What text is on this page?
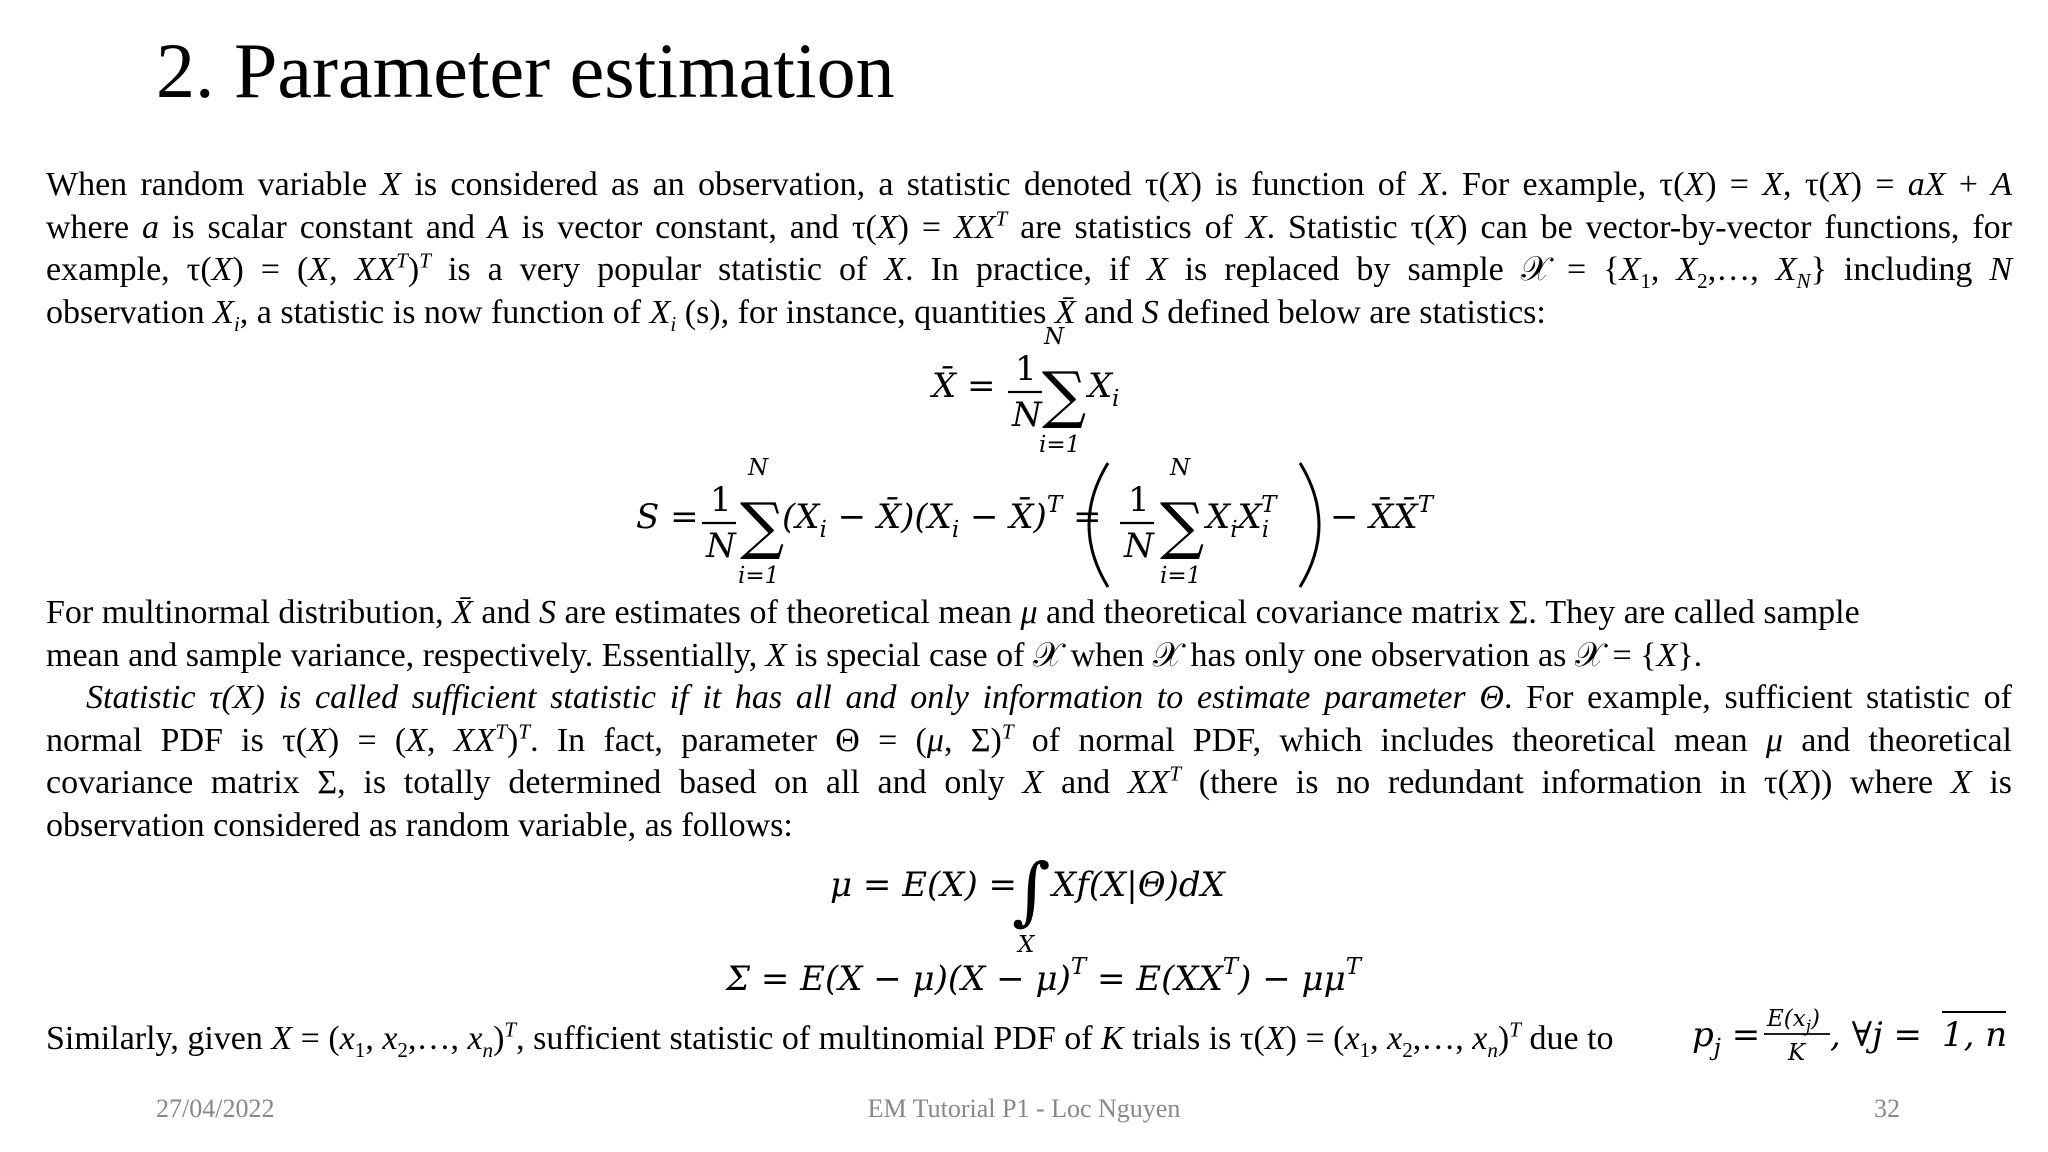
2. Parameter estimation
When random variable X is considered as an observation, a statistic denoted τ(X) is function of X. For example, τ(X) = X, τ(X) = aX + A
where a is scalar constant and A is vector constant, and $\tau(X) = XX^T$ are statistics of X. Statistic τ(X) can be vector-by-vector functions, for
example, τ(X) = (X, $XX^T)^T$ is a very popular statistic of X. In practice, if X is replaced by sample 𝒳 = {$X_1$, $X_2,\dots$, $X_N$} including N
observation $X_i$, a statistic is now function of $X_i$ (s), for instance, quantities X̄ and S defined below are statistics:
X̄ = 1
N
N
∑
i=1
X i
S = 1
N
N
∑
i=1
($X_i$ − $X̄)(X_i$ − X̄)$^T$ = 1
N
N
∑
i=1
$X_iX_iT$ − X̄X̄$^T$
For multinormal distribution, X̄ and S are estimates of theoretical mean μ and theoretical covariance matrix Σ. They are called sample
mean and sample variance, respectively. Essentially, X is special case of 𝒳 when 𝒳 has only one observation as 𝒳 = {X}.
Statistic τ(X) is called sufficient statistic if it has all and only information to estimate parameter Θ. For example, sufficient statistic of
normal PDF is τ(X) = (X, $XX^T)^T$. In fact, parameter Θ = (μ, Σ)$^T$ of normal PDF, which includes theoretical mean μ and theoretical
covariance matrix Σ, is totally determined based on all and only X and $XX^T$ (there is no redundant information in τ(X)) where X is
observation considered as random variable, as follows:
μ = E(X) =
∫
X
Xf(X|Θ)dX
$\Sigma = E(X - \mu)(X - \mu)^T = E(XX^T) - \mu\mu^T$
Similarly, given $X = (x_1$, $x_2,\dots$, $x_n)^T$, sufficient statistic of multinomial PDF of K trials is $\tau(X) = (x_1$, $x_2,\dots$, $x_n)^T$ due to $p_j = E(x_j)$
K , ∀j = 1, n
27/04/2022	EM Tutorial P1 - Loc Nguyen	32
